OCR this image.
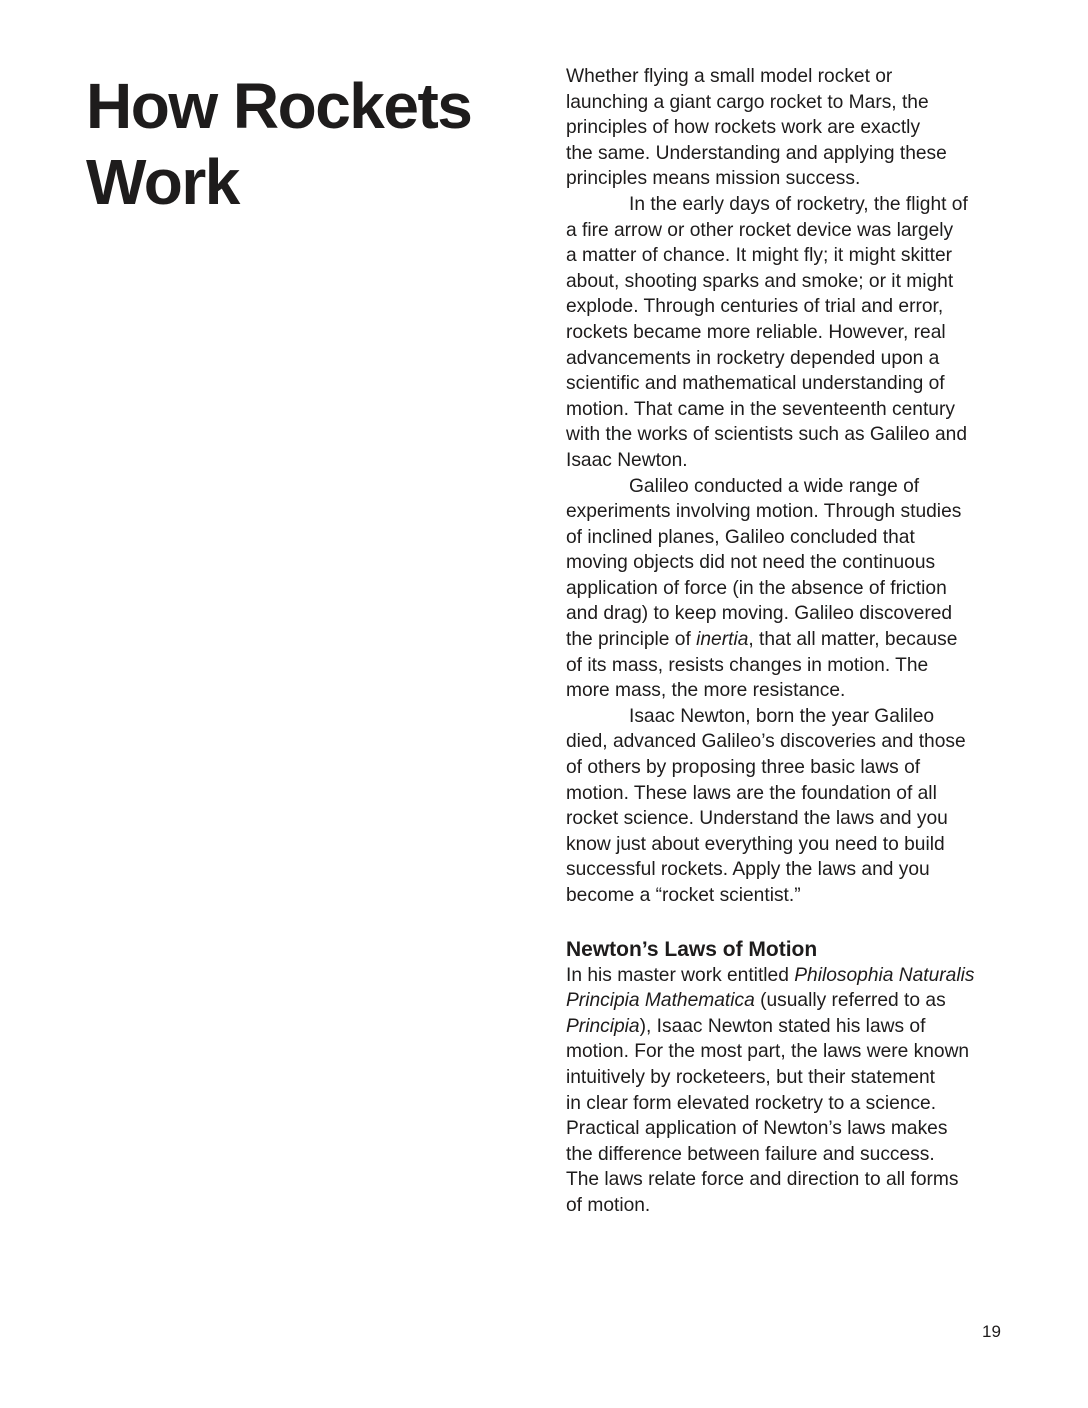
How Rockets
Work

Whether flying a small model rocket or
launching a giant cargo rocket to Mars, the
principles of how rockets work are exactly
the same. Understanding and applying these
principles means mission success.

In the early days of rocketry, the flight of
a fire arrow or other rocket device was largely
a matter of chance. It might fly; it might skitter
about, shooting sparks and smoke; or it might
explode. Through centuries of trial and error,
rockets became more reliable. However, real
advancements in rocketry depended upon a
scientific and mathematical understanding of
motion. That came in the seventeenth century
with the works of scientists such as Galileo and
Isaac Newton.

Galileo conducted a wide range of
experiments involving motion. Through studies
of inclined planes, Galileo concluded that
moving objects did not need the continuous
application of force (in the absence of friction
and drag) to keep moving. Galileo discovered
the principle of inertia, that all matter, because
of its mass, resists changes in motion. The
more mass, the more resistance.

Isaac Newton, born the year Galileo
died, advanced Galileo’s discoveries and those
of others by proposing three basic laws of
motion. These laws are the foundation of all
rocket science. Understand the laws and you
know just about everything you need to build
successful rockets. Apply the laws and you
become a “rocket scientist.”

Newton’s Laws of Motion

In his master work entitled Philosophia Naturalis
Principia Mathematica (usually referred to as
Principia), Isaac Newton stated his laws of
motion. For the most part, the laws were known
intuitively by rocketeers, but their statement
in clear form elevated rocketry to a science.
Practical application of Newton’s laws makes
the difference between failure and success.
The laws relate force and direction to all forms
of motion.

19
